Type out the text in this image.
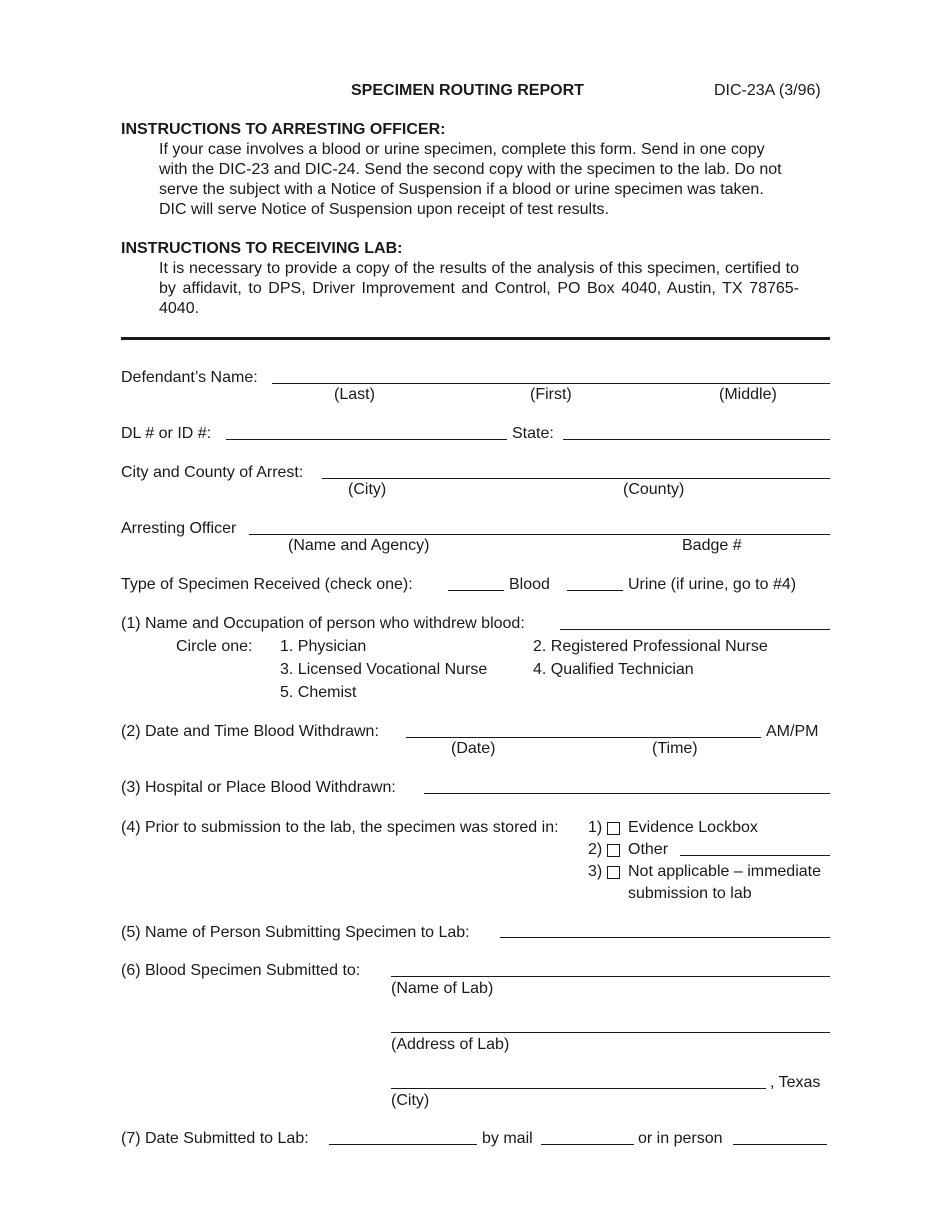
SPECIMEN ROUTING REPORT	DIC-23A (3/96)
INSTRUCTIONS TO ARRESTING OFFICER:
If your case involves a blood or urine specimen, complete this form. Send in one copy
with the DIC-23 and DIC-24. Send the second copy with the specimen to the lab. Do not
serve the subject with a Notice of Suspension if a blood or urine specimen was taken.
DIC will serve Notice of Suspension upon receipt of test results.
INSTRUCTIONS TO RECEIVING LAB:
It is necessary to provide a copy of the results of the analysis of this specimen, certified to by affidavit, to DPS, Driver Improvement and Control, PO Box 4040, Austin, TX 78765-4040.
Defendant’s Name:
(Last)	(First)	(Middle)
DL # or ID #:	State:
City and County of Arrest:
(City)	(County)
Arresting Officer
(Name and Agency)	Badge #
Type of Specimen Received (check one):	Blood	Urine (if urine, go to #4)
(1) Name and Occupation of person who withdrew blood:
Circle one: 1. Physician	2. Registered Professional Nurse
3. Licensed Vocational Nurse	4. Qualified Technician
5. Chemist
(2) Date and Time Blood Withdrawn:	AM/PM
(Date)	(Time)
(3) Hospital or Place Blood Withdrawn:
(4) Prior to submission to the lab, the specimen was stored in: 1) Evidence Lockbox
2) Other
3) Not applicable – immediate
submission to lab
(5) Name of Person Submitting Specimen to Lab:
(6) Blood Specimen Submitted to:
(Name of Lab)
(Address of Lab)
, Texas
(City)
(7) Date Submitted to Lab:	by mail	or in person
